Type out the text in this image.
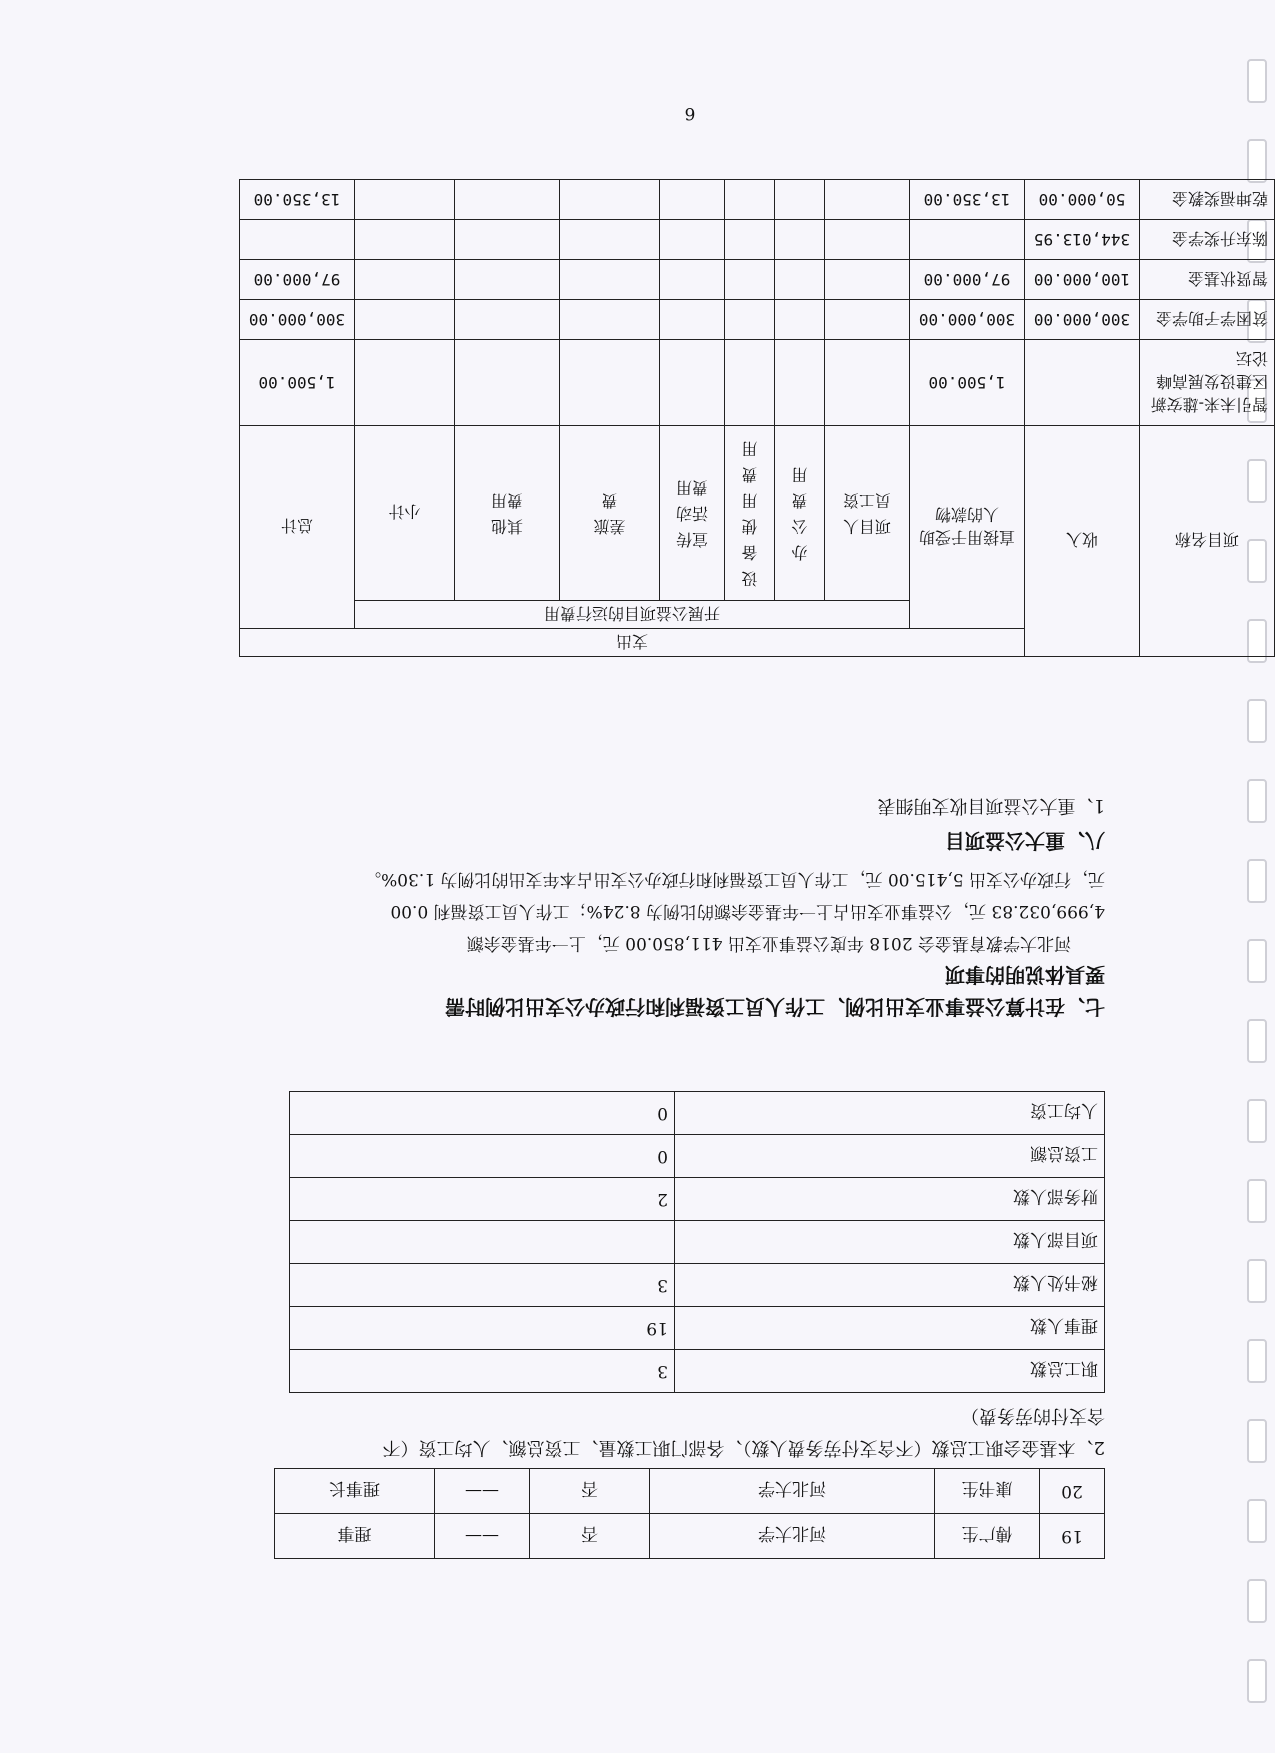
19	傅广生	河北大学	否	——	理事
20	康书生	河北大学	否	——	理事长

2、本基金会职工总数（不含支付劳务费人数）、各部门职工数量、工资总额、人均工资（不

含支付的劳务费）

职工总数	3
理事人数	19
秘书处人数	3
项目部人数	
财务部人数	2
工资总额	0
人均工资	0

七、在计算公益事业支出比例、工作人员工资福利和行政办公支出比例时需

要具体说明的事项

河北大学教育基金会 2018 年度公益事业支出 411,850.00 元，上一年基金余额

4,999,032.83 元，公益事业支出占上一年基金余额的比例为 8.24%；工作人员工资福利 0.00

元，行政办公支出 5,415.00 元，工作人员工资福利和行政办公支出占本年支出的比例为 1.30%。

八、重大公益项目

1、重大公益项目收支明细表

项目名称	收入	支出								
		直接用于受助人的款物	开展公益项目的运行费用							总计
			项目人员工资	办公费用	设备使用费用	宣传活动费用	差旅费	其他费用	小计	
智引未来-雄安新区建设发展高峰论坛		1,500.00								1,500.00
贫困学子助学金	300,000.00	300,000.00								300,000.00
智贤状基金	100,000.00	97,000.00								97,000.00
陈东升奖学金	344,013.95									
乾坤福奖教金	50,000.00	13,350.00								13,350.00
6
